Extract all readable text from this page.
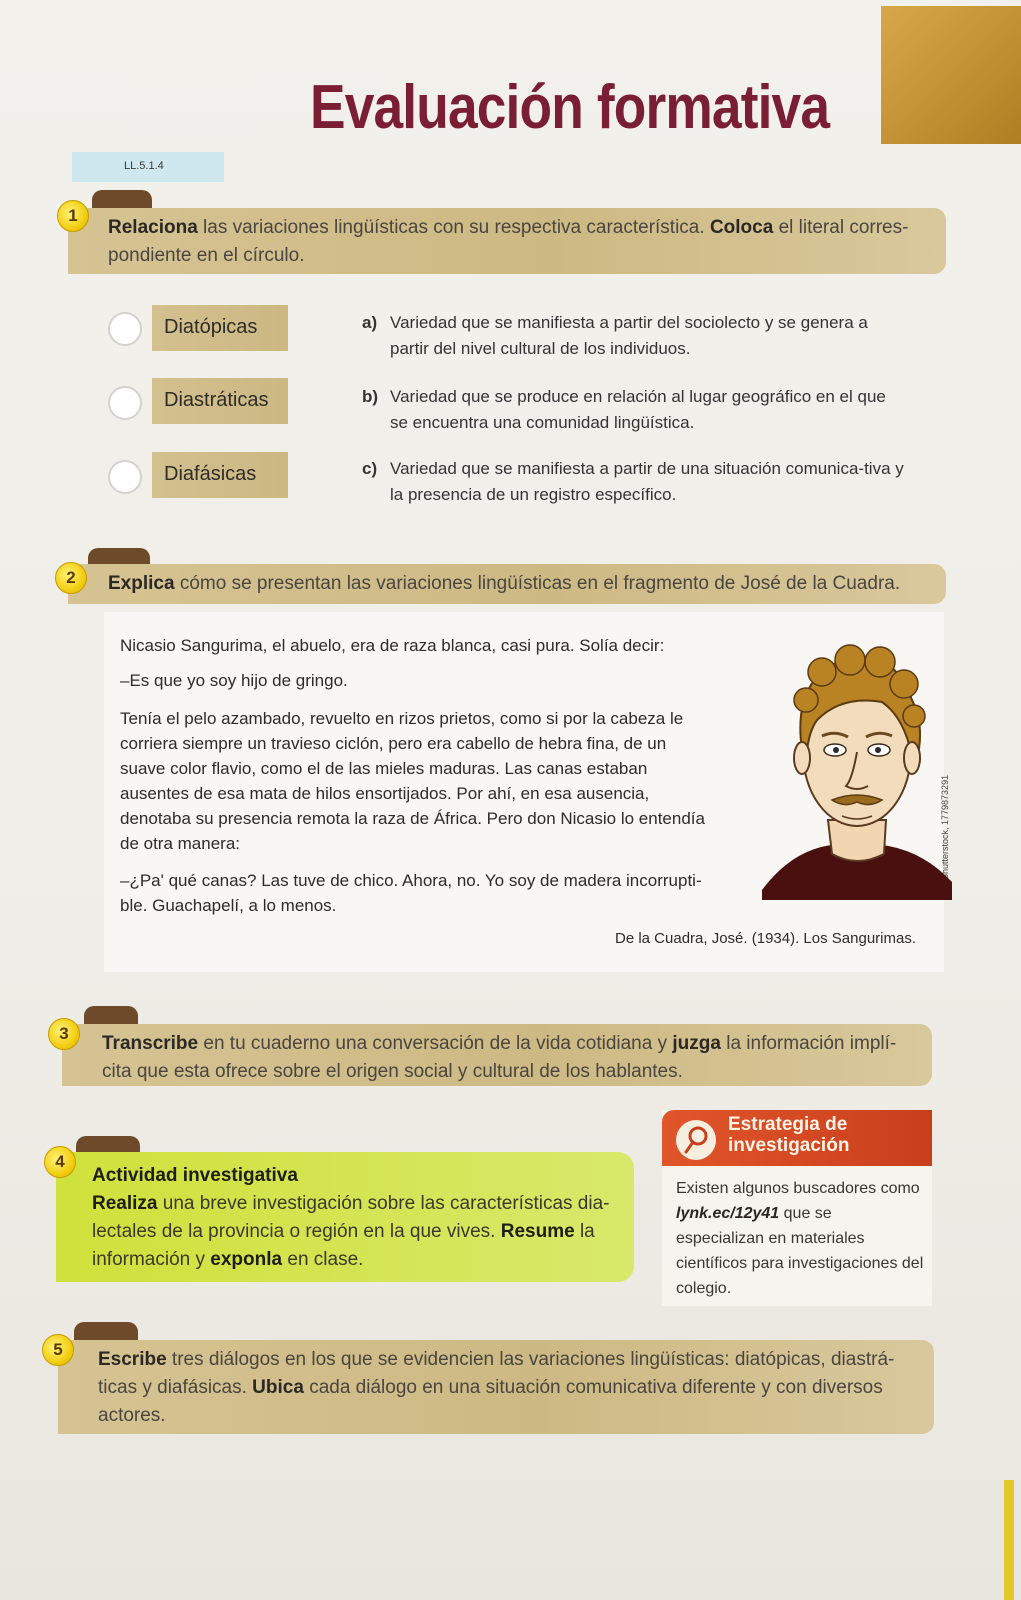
Evaluación formativa
LL.5.1.4
Relaciona las variaciones lingüísticas con su respectiva característica. Coloca el literal corres-pondiente en el círculo.
1
Diatópicas
Diastráticas
Diafásicas
a) Variedad que se manifiesta a partir del sociolecto y se genera a partir del nivel cultural de los individuos.
b) Variedad que se produce en relación al lugar geográfico en el que se encuentra una comunidad lingüística.
c) Variedad que se manifiesta a partir de una situación comunica-tiva y la presencia de un registro específico.
Explica cómo se presentan las variaciones lingüísticas en el fragmento de José de la Cuadra.
2
Nicasio Sangurima, el abuelo, era de raza blanca, casi pura. Solía decir:
–Es que yo soy hijo de gringo.
Tenía el pelo azambado, revuelto en rizos prietos, como si por la cabeza le corriera siempre un travieso ciclón, pero era cabello de hebra fina, de un suave color flavio, como el de las mieles maduras. Las canas estaban ausentes de esa mata de hilos ensortijados. Por ahí, en esa ausencia, denotaba su presencia remota la raza de África. Pero don Nicasio lo entendía de otra manera:
–¿Pa' qué canas? Las tuve de chico. Ahora, no. Yo soy de madera incorrupti-ble. Guachapelí, a lo menos.
De la Cuadra, José. (1934). Los Sangurimas.
Shutterstock, 1779873291
Transcribe en tu cuaderno una conversación de la vida cotidiana y juzga la información implí-cita que esta ofrece sobre el origen social y cultural de los hablantes.
3
Actividad investigativa
Realiza una breve investigación sobre las características dia-lectales de la provincia o región en la que vives. Resume la información y exponla en clase.
4
Estrategia de investigación
Existen algunos buscadores como lynk.ec/12y41 que se especializan en materiales científicos para investigaciones del colegio.
Escribe tres diálogos en los que se evidencien las variaciones lingüísticas: diatópicas, diastrá-ticas y diafásicas. Ubica cada diálogo en una situación comunicativa diferente y con diversos actores.
5
